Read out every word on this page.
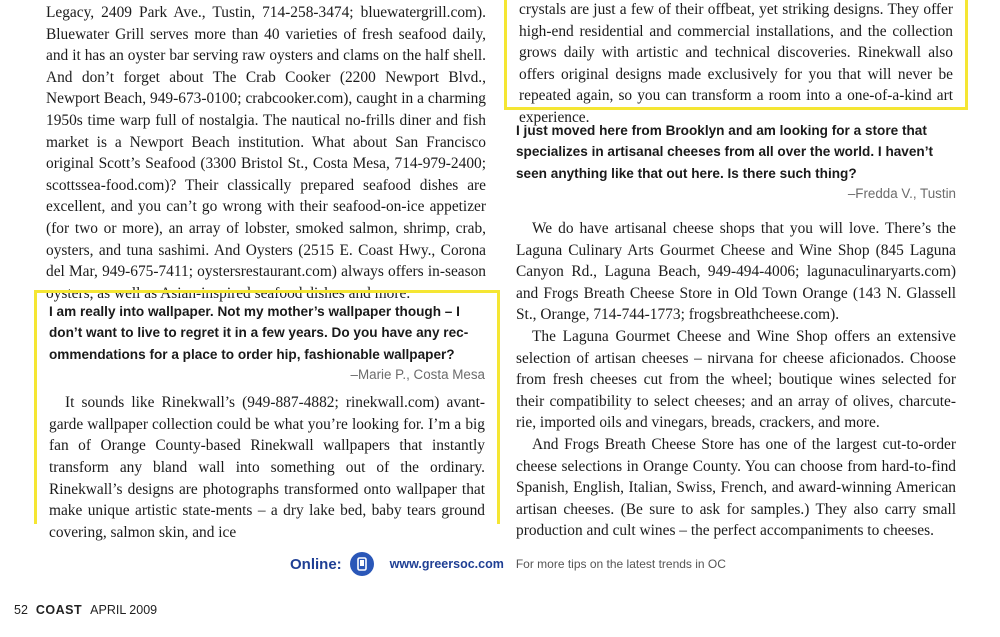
Legacy, 2409 Park Ave., Tustin, 714-258-3474; bluewatergrill.com). Bluewater Grill serves more than 40 varieties of fresh seafood daily, and it has an oyster bar serving raw oysters and clams on the half shell. And don’t forget about The Crab Cooker (2200 Newport Blvd., Newport Beach, 949-673-0100; crabcooker.com), caught in a charming 1950s time warp full of nostalgia. The nautical no-frills diner and fish market is a Newport Beach institution. What about San Francisco original Scott’s Seafood (3300 Bristol St., Costa Mesa, 714-979-2400; scottssea-food.com)? Their classically prepared seafood dishes are excellent, and you can’t go wrong with their seafood-on-ice appetizer (for two or more), an array of lobster, smoked salmon, shrimp, crab, oysters, and tuna sashimi. And Oysters (2515 E. Coast Hwy., Corona del Mar, 949-675-7411; oystersrestaurant.com) always offers in-season oysters, as well as Asian-inspired seafood dishes and more.

I am really into wallpaper. Not my mother’s wallpaper though – I don’t want to live to regret it in a few years. Do you have any rec-ommendations for a place to order hip, fashionable wallpaper?

–Marie P., Costa Mesa

It sounds like Rinekwall’s (949-887-4882; rinekwall.com) avant-garde wallpaper collection could be what you’re looking for. I’m a big fan of Orange County-based Rinekwall wallpapers that instantly transform any bland wall into something out of the ordinary. Rinekwall’s designs are photographs transformed onto wallpaper that make unique artistic state-ments – a dry lake bed, baby tears ground covering, salmon skin, and ice

crystals are just a few of their offbeat, yet striking designs. They offer high-end residential and commercial installations, and the collection grows daily with artistic and technical discoveries. Rinekwall also offers original designs made exclusively for you that will never be repeated again, so you can transform a room into a one-of-a-kind art experience.

I just moved here from Brooklyn and am looking for a store that specializes in artisanal cheeses from all over the world. I haven’t seen anything like that out here. Is there such thing?

–Fredda V., Tustin

We do have artisanal cheese shops that you will love. There’s the Laguna Culinary Arts Gourmet Cheese and Wine Shop (845 Laguna Canyon Rd., Laguna Beach, 949-494-4006; lagunaculinaryarts.com) and Frogs Breath Cheese Store in Old Town Orange (143 N. Glassell St., Orange, 714-744-1773; frogsbreathcheese.com).

The Laguna Gourmet Cheese and Wine Shop offers an extensive selection of artisan cheeses – nirvana for cheese aficionados. Choose from fresh cheeses cut from the wheel; boutique wines selected for their compatibility to select cheeses; and an array of olives, charcute-rie, imported oils and vinegars, breads, crackers, and more.

And Frogs Breath Cheese Store has one of the largest cut-to-order cheese selections in Orange County. You can choose from hard-to-find Spanish, English, Italian, Swiss, French, and award-winning American artisan cheeses. (Be sure to ask for samples.) They also carry small production and cult wines – the perfect accompaniments to cheeses.

Online:	www.greersoc.com For more tips on the latest trends in OC
52 COAST APRIL 2009
